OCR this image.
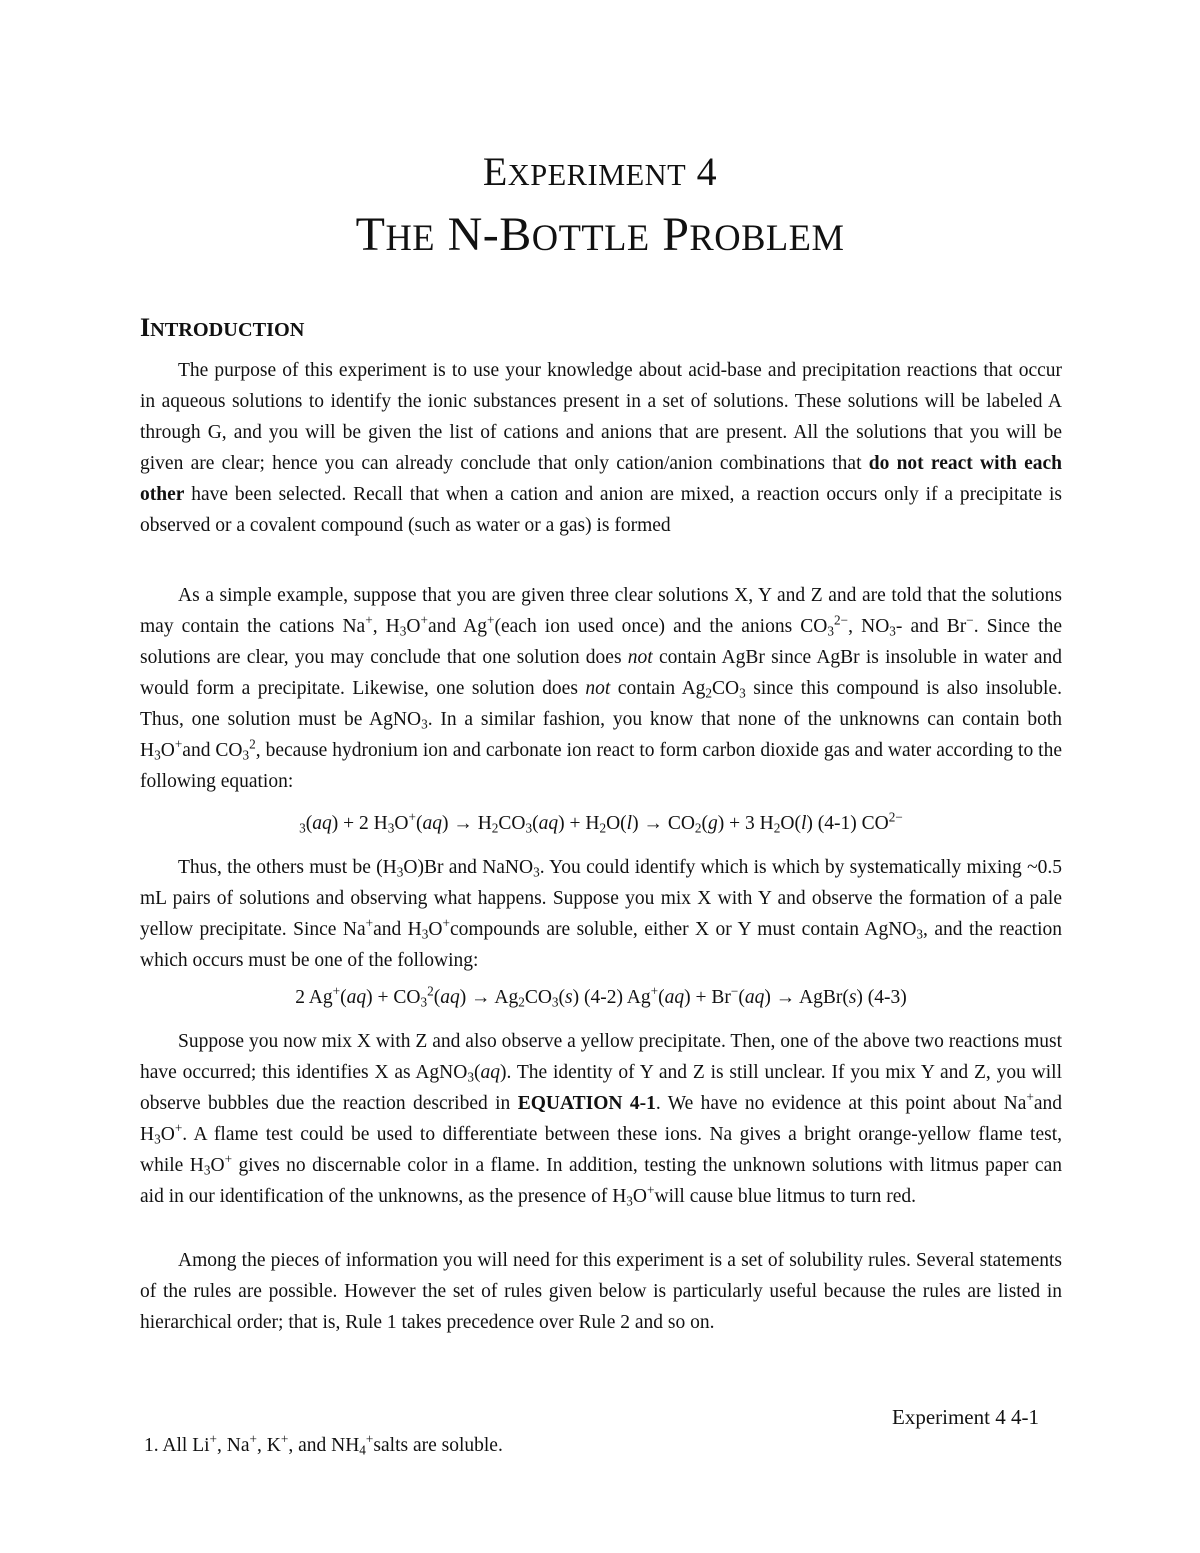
EXPERIMENT 4
THE N-BOTTLE PROBLEM
INTRODUCTION

The purpose of this experiment is to use your knowledge about acid-base and precipitation reactions that occur in aqueous solutions to identify the ionic substances present in a set of solutions. These solutions will be labeled A through G, and you will be given the list of cations and anions that are present. All the solutions that you will be given are clear; hence you can already conclude that only cation/anion combinations that do not react with each other have been selected. Recall that when a cation and anion are mixed, a reaction occurs only if a precipitate is observed or a covalent compound (such as water or a gas) is formed

As a simple example, suppose that you are given three clear solutions X, Y and Z and are told that the solutions may contain the cations Na+, $H_3O^+and$ Ag+(each ion used once) and the anions $CO_3^{2-}$, $NO_3-$ and Br−. Since the solutions are clear, you may conclude that one solution does not contain AgBr since AgBr is insoluble in water and would form a precipitate. Likewise, one solution does not contain $Ag_2CO_3$ since this compound is also insoluble. Thus, one solution must be AgNO$_3$. In a similar fashion, you know that none of the unknowns can contain both $H_3O^+and$ $CO_3^2$, because hydronium ion and carbonate ion react to form carbon dioxide gas and water according to the following equation:

$_3$(aq) + 2 $H_3O^+(aq) \to H_2CO_3(aq) + H_2O(l) \to CO_2(g) + 3$ $H_2O(l)$ (4-1) $CO^{2-}$

Thus, the others must be $(H_3O)Br$ and NaNO$_3$. You could identify which is which by systematically mixing ~0.5 mL pairs of solutions and observing what happens. Suppose you mix X with Y and observe the formation of a pale yellow precipitate. Since Na+and $H_3O^+compounds$ are soluble, either X or Y must contain AgNO$_3$, and the reaction which occurs must be one of the following:

2 $Ag^+(aq) + CO_3^2(aq) \to Ag_2CO_3(s)$ (4-2) Ag+(aq) + Br−(aq) → AgBr(s) (4-3)

Suppose you now mix X with Z and also observe a yellow precipitate. Then, one of the above two reactions must have occurred; this identifies X as AgNO$_3$(aq). The identity of Y and Z is still unclear. If you mix Y and Z, you will observe bubbles due the reaction described in EQUATION 4-1. We have no evidence at this point about Na+and $H_3O^+$. A flame test could be used to differentiate between these ions. Na gives a bright orange-yellow flame test, while $H_3O^+$ gives no discernable color in a flame. In addition, testing the unknown solutions with litmus paper can aid in our identification of the unknowns, as the presence of $H_3O^+will$ cause blue litmus to turn red.

Among the pieces of information you will need for this experiment is a set of solubility rules. Several statements of the rules are possible. However the set of rules given below is particularly useful because the rules are listed in hierarchical order; that is, Rule 1 takes precedence over Rule 2 and so on.

Experiment 4 4-1
1. All Li+, Na+, K+, and $NH_4^+salts$ are soluble.
